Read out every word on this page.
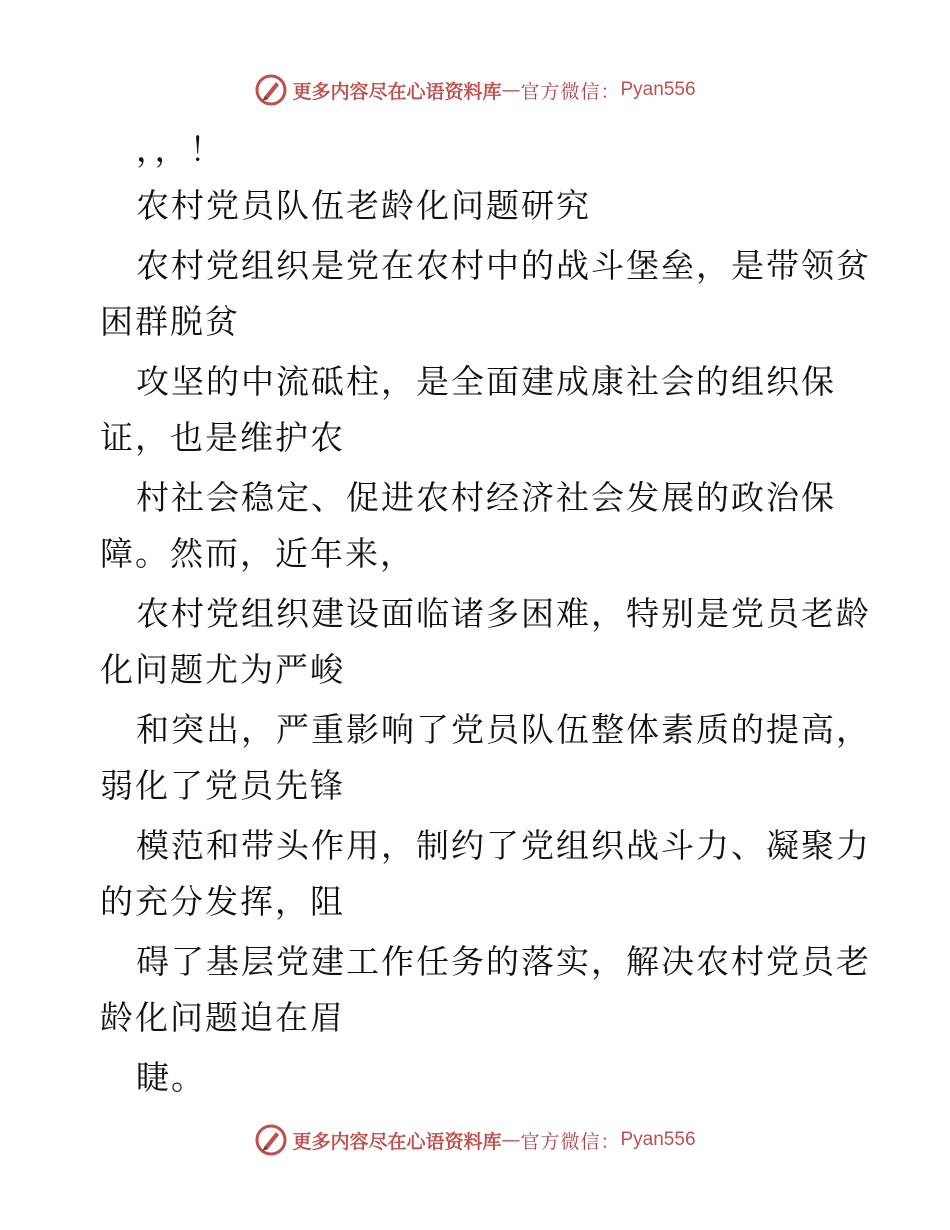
更多内容尽在心语资料库 — 官方微信： Pyan556
，，！
农村党员队伍老龄化问题研究
农村党组织是党在农村中的战斗堡垒，是带领贫
困群脱贫
攻坚的中流砥柱，是全面建成康社会的组织保
证，也是维护农
村社会稳定、促进农村经济社会发展的政治保
障。然而，近年来，
农村党组织建设面临诸多困难，特别是党员老龄
化问题尤为严峻
和突出，严重影响了党员队伍整体素质的提高，
弱化了党员先锋
模范和带头作用，制约了党组织战斗力、凝聚力
的充分发挥，阻
碍了基层党建工作任务的落实，解决农村党员老
龄化问题迫在眉
睫。
更多内容尽在心语资料库 — 官方微信： Pyan556
